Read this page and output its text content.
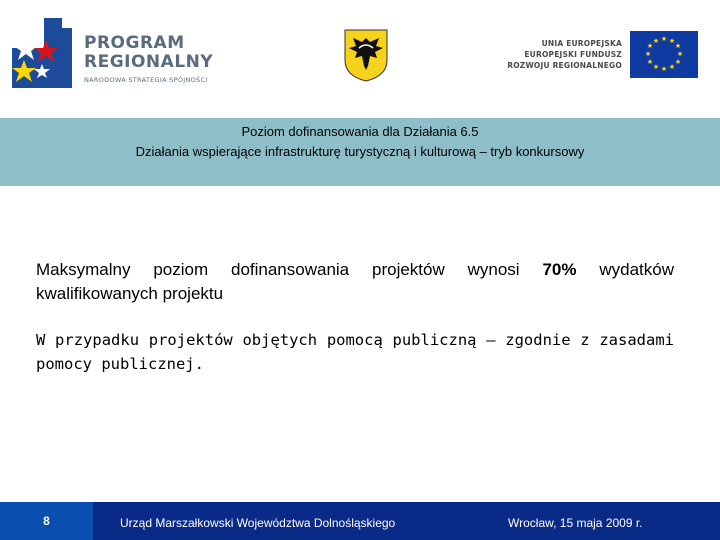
PROGRAM
REGIONALNY
NARODOWA STRATEGIA SPÓJNOŚCI
UNIA EUROPEJSKA
EUROPEJSKI FUNDUSZ
ROZWOJU REGIONALNEGO
★ ★
★
★
★
★
★
★
★
★
★
★
Poziom dofinansowania dla Działania 6.5
Działania wspierające infrastrukturę turystyczną i kulturową – tryb konkursowy
Maksymalny poziom dofinansowania projektów wynosi 70% wydatków kwalifikowanych projektu
W przypadku projektów objętych pomocą publiczną – zgodnie z zasadami pomocy publicznej.
8	Urząd Marszałkowski Województwa Dolnośląskiego	Wrocław, 15 maja 2009 r.
